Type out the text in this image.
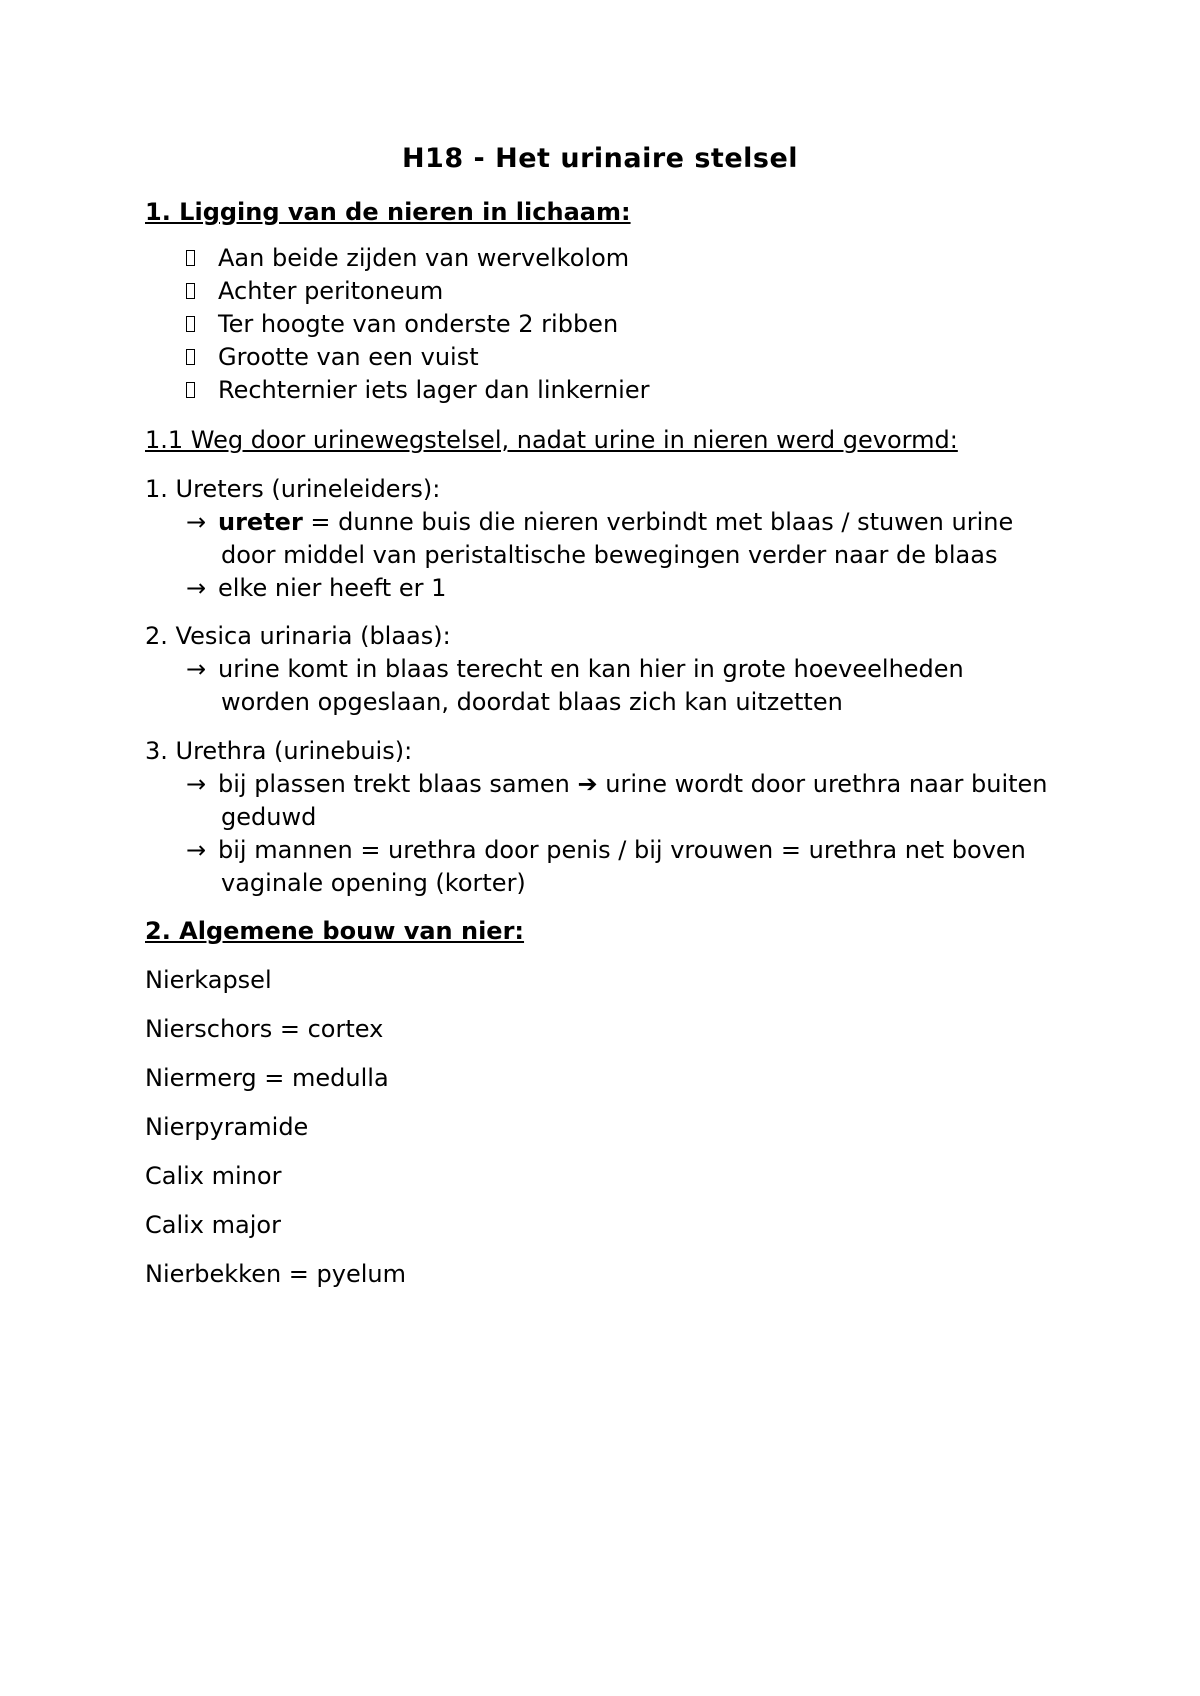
H18 - Het urinaire stelsel
1. Ligging van de nieren in lichaam:
Aan beide zijden van wervelkolom
Achter peritoneum
Ter hoogte van onderste 2 ribben
Grootte van een vuist
Rechternier iets lager dan linkernier
1.1 Weg door urinewegstelsel, nadat urine in nieren werd gevormd:
1. Ureters (urineleiders):
→ ureter = dunne buis die nieren verbindt met blaas / stuwen urine
door middel van peristaltische bewegingen verder naar de blaas
→ elke nier heeft er 1
2. Vesica urinaria (blaas):
→ urine komt in blaas terecht en kan hier in grote hoeveelheden
worden opgeslaan, doordat blaas zich kan uitzetten
3. Urethra (urinebuis):
→ bij plassen trekt blaas samen ➔ urine wordt door urethra naar buiten
geduwd
→ bij mannen = urethra door penis / bij vrouwen = urethra net boven
vaginale opening (korter)
2. Algemene bouw van nier:
Nierkapsel
Nierschors = cortex
Niermerg = medulla
Nierpyramide
Calix minor
Calix major
Nierbekken = pyelum
